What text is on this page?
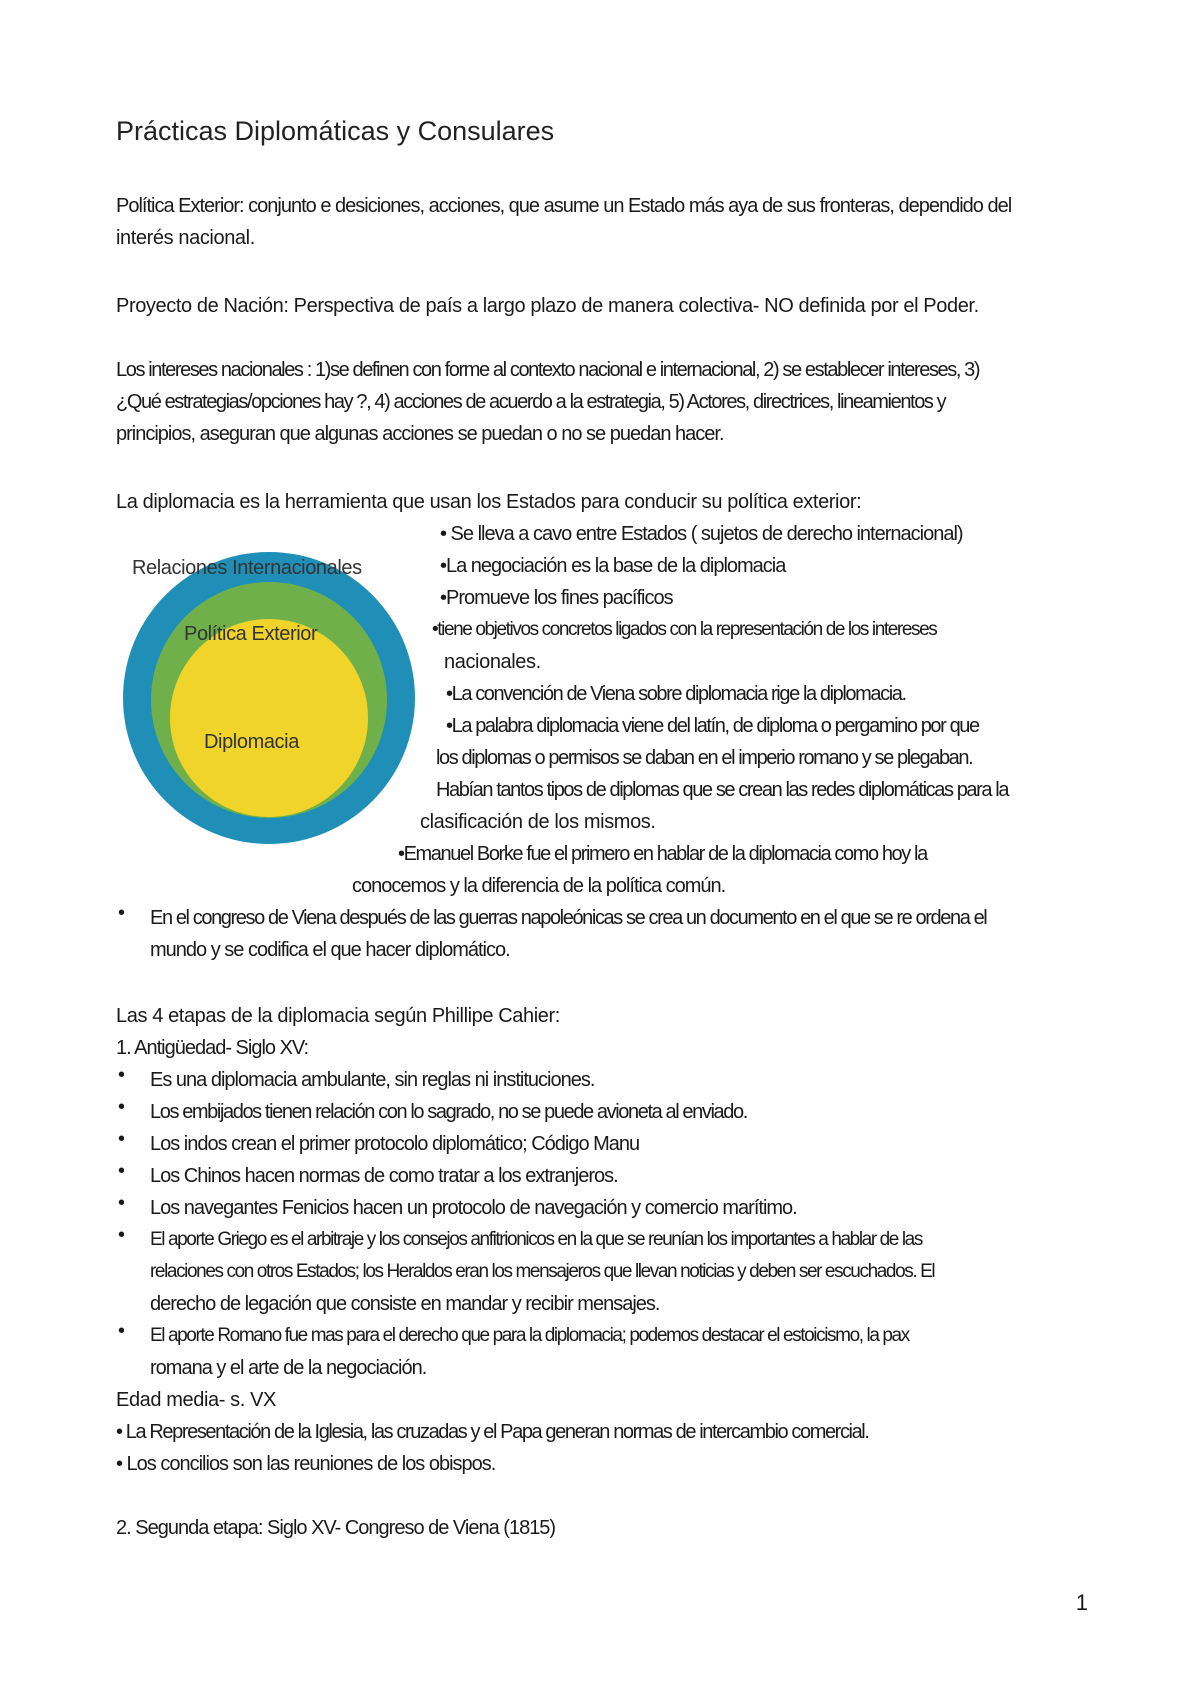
Prácticas Diplomáticas y Consulares
Política Exterior: conjunto e desiciones, acciones, que asume un Estado más aya de sus fronteras, dependido del
interés nacional.
Proyecto de Nación: Perspectiva de país a largo plazo de manera colectiva- NO definida por el Poder.
Los intereses nacionales : 1)se definen con forme al contexto nacional e internacional, 2) se establecer intereses, 3)
¿Qué estrategias/opciones hay ?, 4) acciones de acuerdo a la estrategia, 5) Actores, directrices, lineamientos y
principios, aseguran que algunas acciones se puedan o no se puedan hacer.
La diplomacia es la herramienta que usan los Estados para conducir su política exterior:
Relaciones Internacionales
Política Exterior
Diplomacia
• Se lleva a cavo entre Estados ( sujetos de derecho internacional)
•La negociación es la base de la diplomacia
•Promueve los fines pacíficos
•tiene objetivos concretos ligados con la representación de los intereses
nacionales.
•La convención de Viena sobre diplomacia rige la diplomacia.
•La palabra diplomacia viene del latín, de diploma o pergamino por que
los diplomas o permisos se daban en el imperio romano y se plegaban.
Habían tantos tipos de diplomas que se crean las redes diplomáticas para la
clasificación de los mismos.
•Emanuel Borke fue el primero en hablar de la diplomacia como hoy la
conocemos y la diferencia de la política común.
• En el congreso de Viena después de las guerras napoleónicas se crea un documento en el que se re ordena el
mundo y se codifica el que hacer diplomático.
Las 4 etapas de la diplomacia según Phillipe Cahier:
1. Antigüedad- Siglo XV:
• Es una diplomacia ambulante, sin reglas ni instituciones.
• Los embijados tienen relación con lo sagrado, no se puede avioneta al enviado.
• Los indos crean el primer protocolo diplomático; Código Manu
• Los Chinos hacen normas de como tratar a los extranjeros.
• Los navegantes Fenicios hacen un protocolo de navegación y comercio marítimo.
• El aporte Griego es el arbitraje y los consejos anfitrionicos en la que se reunían los importantes a hablar de las
relaciones con otros Estados; los Heraldos eran los mensajeros que llevan noticias y deben ser escuchados. El
derecho de legación que consiste en mandar y recibir mensajes.
• El aporte Romano fue mas para el derecho que para la diplomacia; podemos destacar el estoicismo, la pax
romana y el arte de la negociación.
Edad media- s. VX
• La Representación de la Iglesia, las cruzadas y el Papa generan normas de intercambio comercial.
• Los concilios son las reuniones de los obispos.
2. Segunda etapa: Siglo XV- Congreso de Viena (1815)
1
